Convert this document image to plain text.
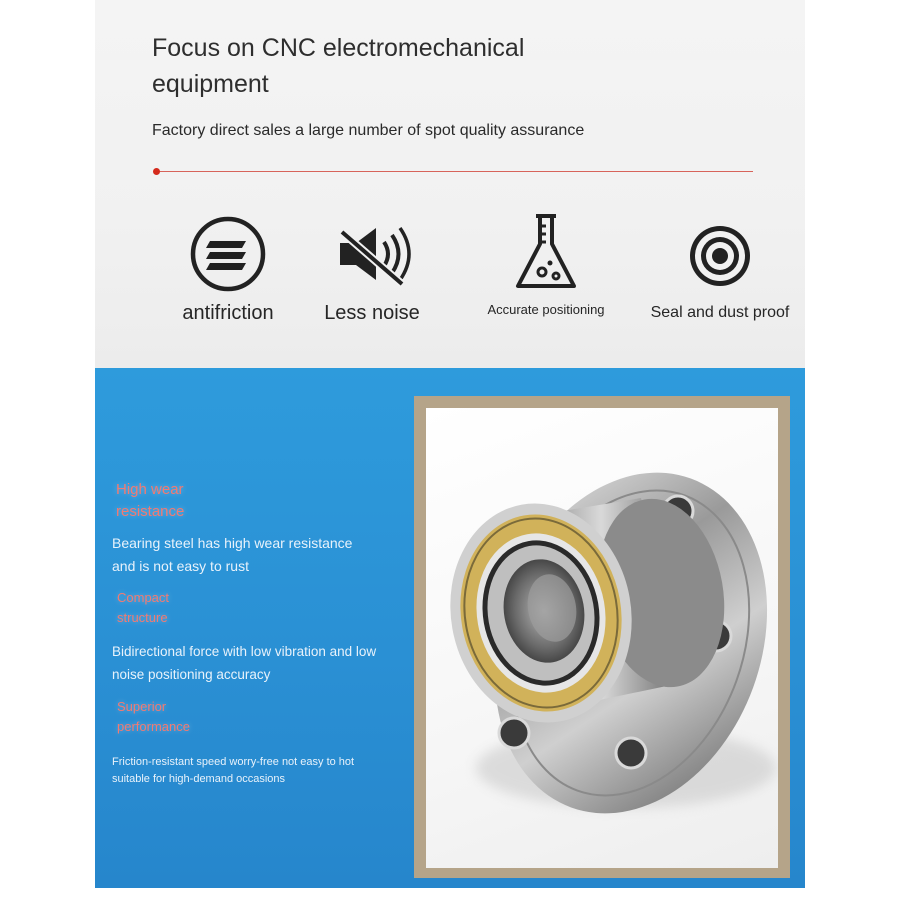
Focus on CNC electromechanical equipment
Factory direct sales a large number of spot quality assurance
antifriction	Less noise	Accurate positioning	Seal and dust proof
High wear resistance
Bearing steel has high wear resistance and is not easy to rust
Compact structure
Bidirectional force with low vibration and low noise positioning accuracy
Superior performance
Friction-resistant speed worry-free not easy to hot suitable for high-demand occasions
